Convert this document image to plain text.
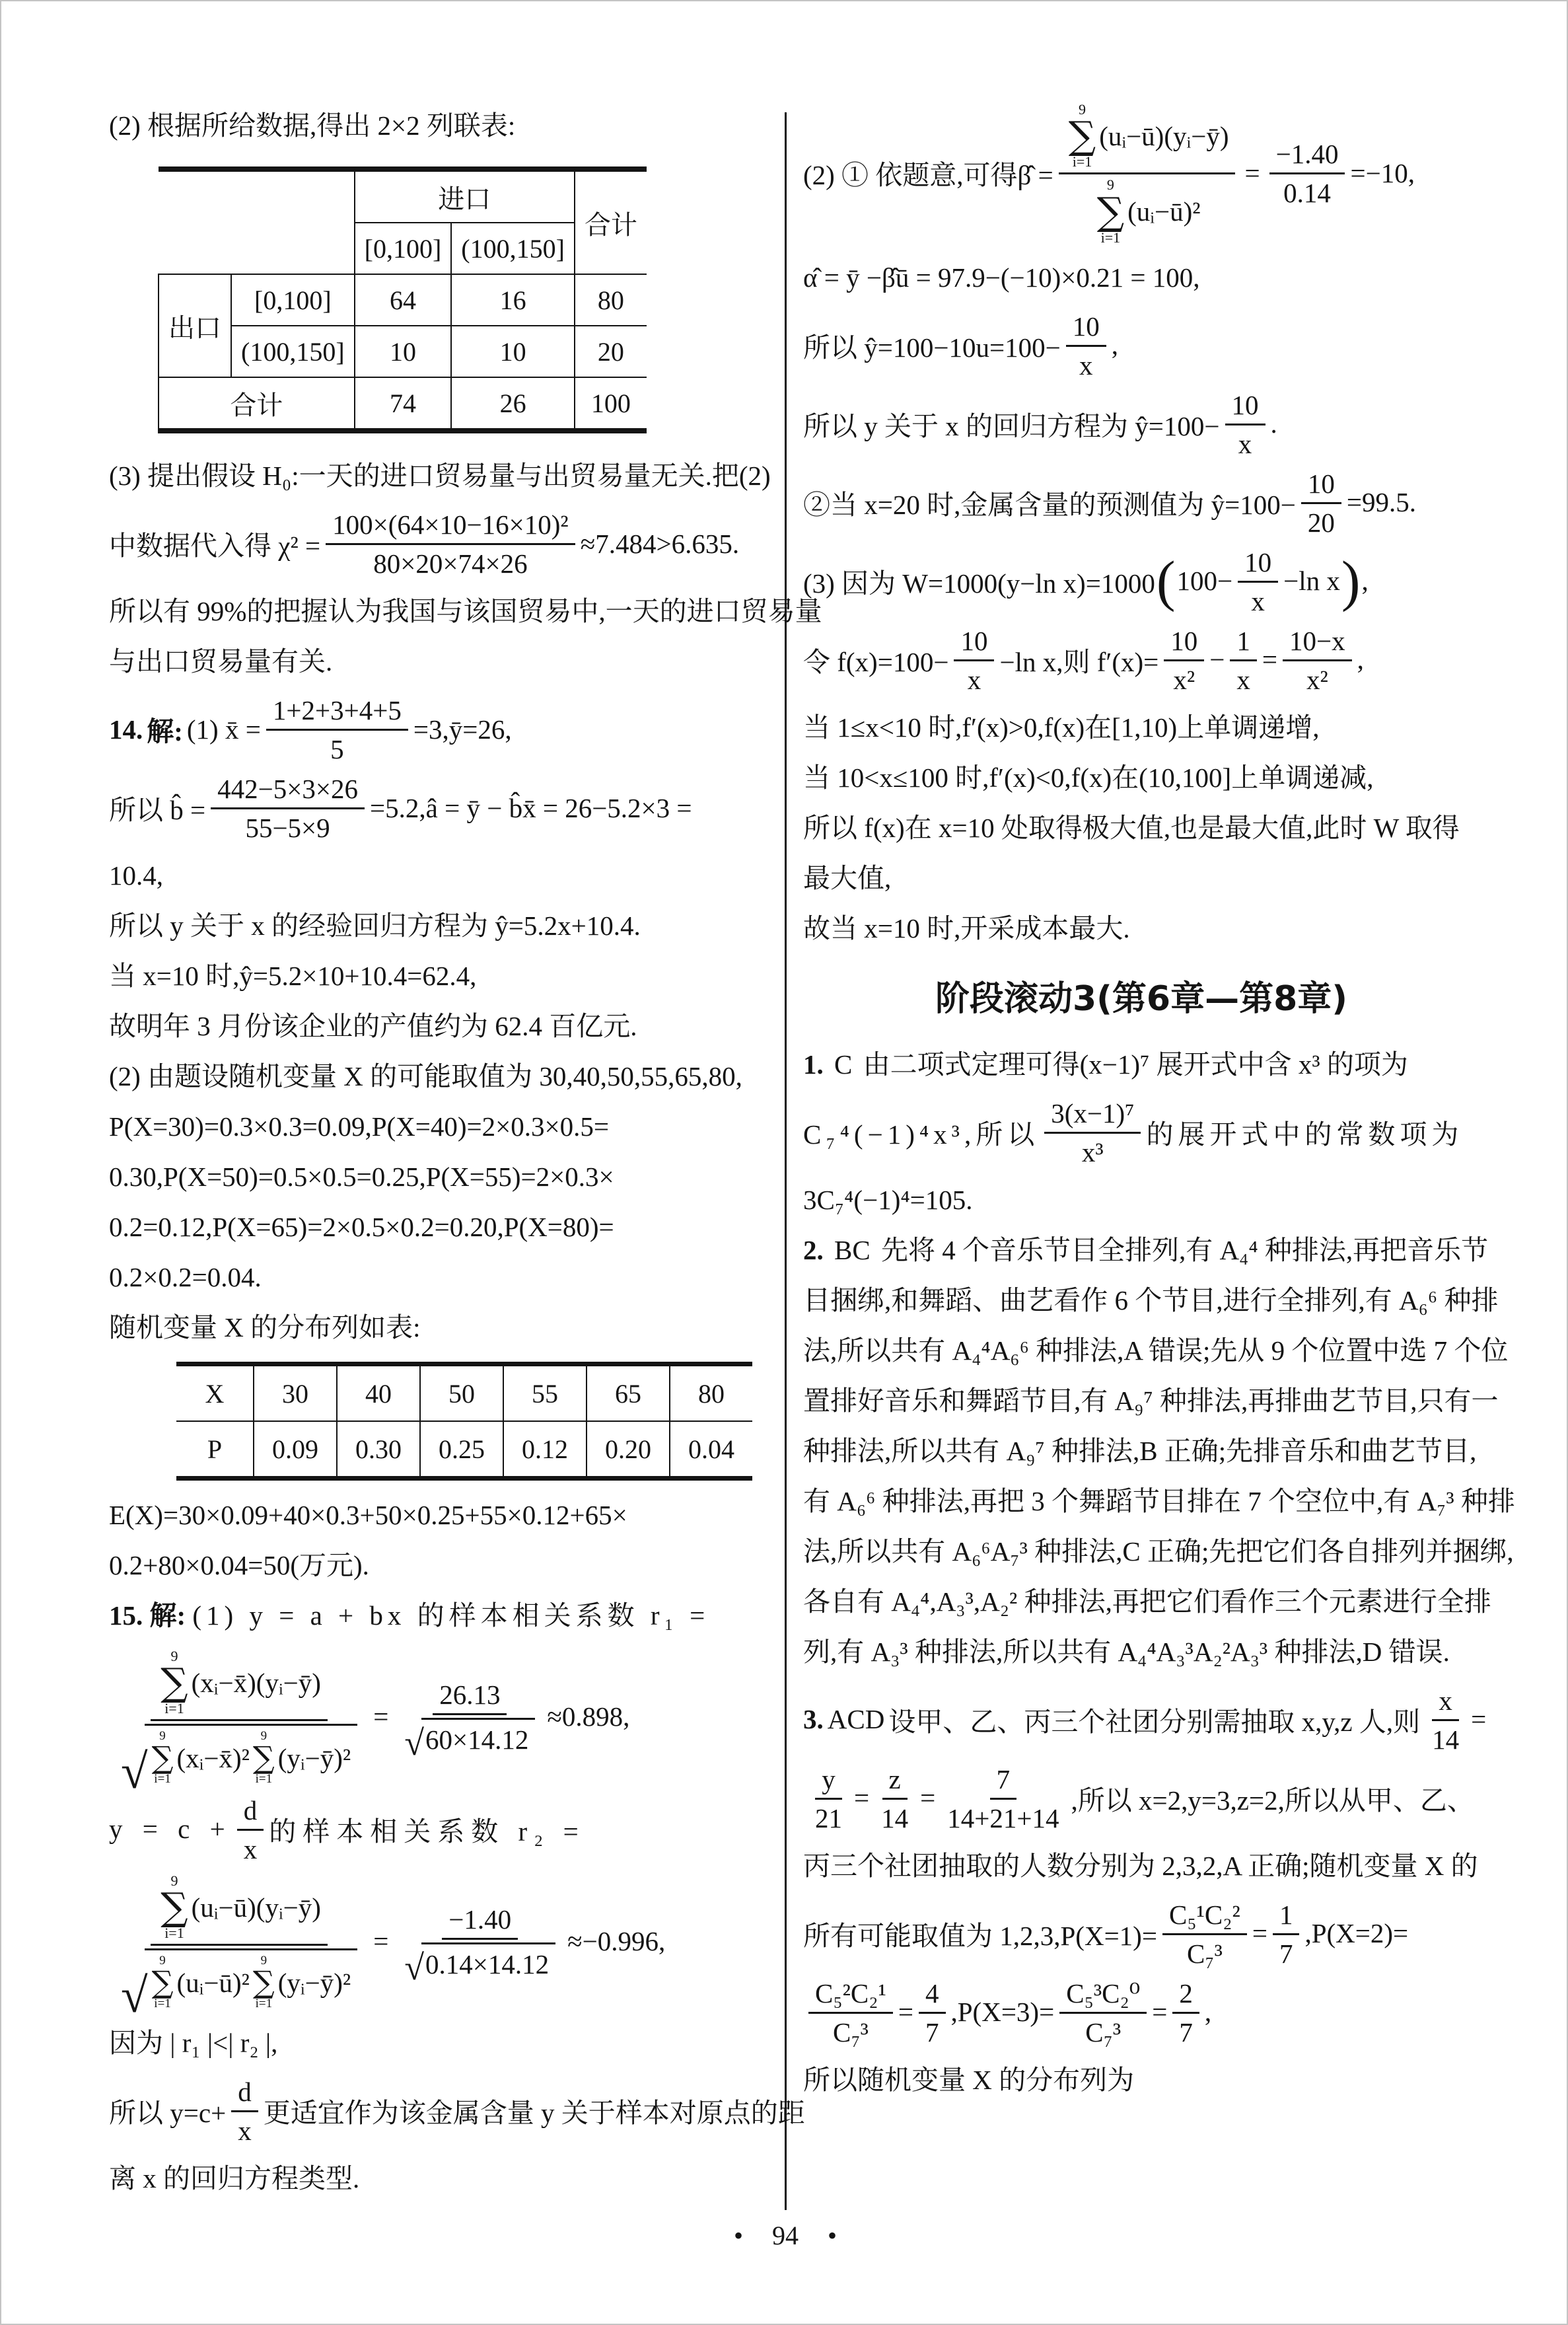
(2) 根据所给数据,得出 2×2 列联表:
		进口		合计
		[0,100]	(100,150]	
出口	[0,100]	64	16	80
	(100,150]	10	10	20
合计		74	26	100
(3) 提出假设 H₀:一天的进口贸易量与出贸易量无关.把(2)
中数据代入得 $\chi^2 = \frac{\text{100×(64×10−16×10)²}}{80\times 20\times 74\times 26} \approx 7.484>6.635$.
所以有 99%的把握认为我国与该国贸易中,一天的进口贸易量
与出口贸易量有关.
14. 解: (1) x̄ = $\frac{1+2+3+4+5}{5}$ =3,ȳ=26,
所以 b̂ = $\frac{442-5\times 3\times 26}{55-5\times 9}$ =5.2,â = ȳ − b̂x̄ = 26−5.2×3 =
10.4,
所以 y 关于 x 的经验回归方程为 ŷ=5.2x+10.4.
当 x=10 时,ŷ=5.2×10+10.4=62.4,
故明年 3 月份该企业的产值约为 62.4 百亿元.
(2) 由题设随机变量 X 的可能取值为 30,40,50,55,65,80,
P(X=30)=0.3×0.3=0.09,P(X=40)=2×0.3×0.5=
0.30,P(X=50)=0.5×0.5=0.25,P(X=55)=2×0.3×
0.2=0.12,P(X=65)=2×0.5×0.2=0.20,P(X=80)=
0.2×0.2=0.04.
随机变量 X 的分布列如表:
X	30	40	50	55	65	80
P	0.09	0.30	0.25	0.12	0.20	0.04
E(X)=30×0.09+40×0.3+50×0.25+55×0.12+65×
0.2+80×0.04=50(万元).
15. 解: (1) y = a + bx 的样本相关系数 r₁ =
9
∑
i=1
(xᵢ−x̄)(yᵢ−ȳ)
√
9
∑
i=1
(xᵢ−x̄)²
9
∑
i=1
(yᵢ−ȳ)²
= $\frac{26.13}{√ 60\times 14.12} \approx 0.898$,
$y = c + \frac{d}{x}$ 的样本相关系数 r₂ =
9
∑
i=1
(uᵢ−ū)(yᵢ−ȳ)
√
9
∑
i=1
(uᵢ−ū)²
9
∑
i=1
(yᵢ−ȳ)²
= $\frac{-1.40}{√ 0.14\times 14.12} \approx-0.996$,
因为 | r₁ |<| r₂ |,
所以 $y=c+ \frac{d}{x}$ 更适宜作为该金属含量 y 关于样本对原点的距
离 x 的回归方程类型.
(2) ① 依题意,可得β̂ =
9
∑
i=1
(uᵢ−ū)(yᵢ−ȳ)
9
∑
i=1
(uᵢ−ū)²
= $\frac{-1.40}{0.14} =-10$,
α̂ = ȳ −β̂ū = 97.9−(−10)×0.21 = 100,
所以 ŷ=100−10u=100− $\frac{10}{x}$ ,
所以 y 关于 x 的回归方程为 ŷ=100− $\frac{10}{x}$ .
②当 x=20 时,金属含量的预测值为 ŷ=100− $\frac{10}{20} =99.5$.
(3) 因为 W=1000(y−ln x)=1000 ( $100- \frac{10}{x} -\ln$ x ) ,
令 $f(x)=100- \frac{10}{x} -\ln$ x,则 $f'(x)= \frac{10}{\text{x²}} - \frac{1}{x} = \frac{10-x}{\text{x²}}$ ,
当 1≤x<10 时,f′(x)>0,f(x)在[1,10)上单调递增,
当 10<x≤100 时,f′(x)<0,f(x)在(10,100]上单调递减,
所以 f(x)在 x=10 处取得极大值,也是最大值,此时 W 取得
最大值,
故当 x=10 时,开采成本最大.
阶段滚动3(第6章—第8章)
1. C 由二项式定理可得(x−1)⁷ 展开式中含 x³ 的项为
C₇⁴(−1)⁴x³,所以 $\frac{\text{3(x−1)⁷}}{\text{x³}}$ 的展开式中的常数项为
3C₇⁴(−1)⁴=105.
2. BC 先将 4 个音乐节目全排列,有 A₄⁴ 种排法,再把音乐节
目捆绑,和舞蹈、曲艺看作 6 个节目,进行全排列,有 A₆⁶ 种排
法,所以共有 A₄⁴A₆⁶ 种排法,A 错误;先从 9 个位置中选 7 个位
置排好音乐和舞蹈节目,有 A₉⁷ 种排法,再排曲艺节目,只有一
种排法,所以共有 A₉⁷ 种排法,B 正确;先排音乐和曲艺节目,
有 A₆⁶ 种排法,再把 3 个舞蹈节目排在 7 个空位中,有 A₇³ 种排
法,所以共有 A₆⁶A₇³ 种排法,C 正确;先把它们各自排列并捆绑,
各自有 A₄⁴,A₃³,A₂² 种排法,再把它们看作三个元素进行全排
列,有 A₃³ 种排法,所以共有 A₄⁴A₃³A₂²A₃³ 种排法,D 错误.
3. ACD 设甲、乙、丙三个社团分别需抽取 x,y,z 人,则 $\frac{x}{14}$ =
$\frac{y}{21} = \frac{z}{14} = \frac{7}{14+21+14}$ ,所以 x=2,y=3,z=2,所以从甲、乙、
丙三个社团抽取的人数分别为 2,3,2,A 正确;随机变量 X 的
所有可能取值为 $1,2,3,P(X=1)= \frac{\text{C₅¹C₂²}}{\text{C₇³}} = \frac{1}{7} ,P(X=2)=$
$\frac{\text{C₅²C₂¹}}{\text{C₇³}} = \frac{4}{7} ,P(X=3)= \frac{\text{C₅³C₂⁰}}{\text{C₇³}} = \frac{2}{7}$ ,
所以随机变量 X 的分布列为
• 94 •
